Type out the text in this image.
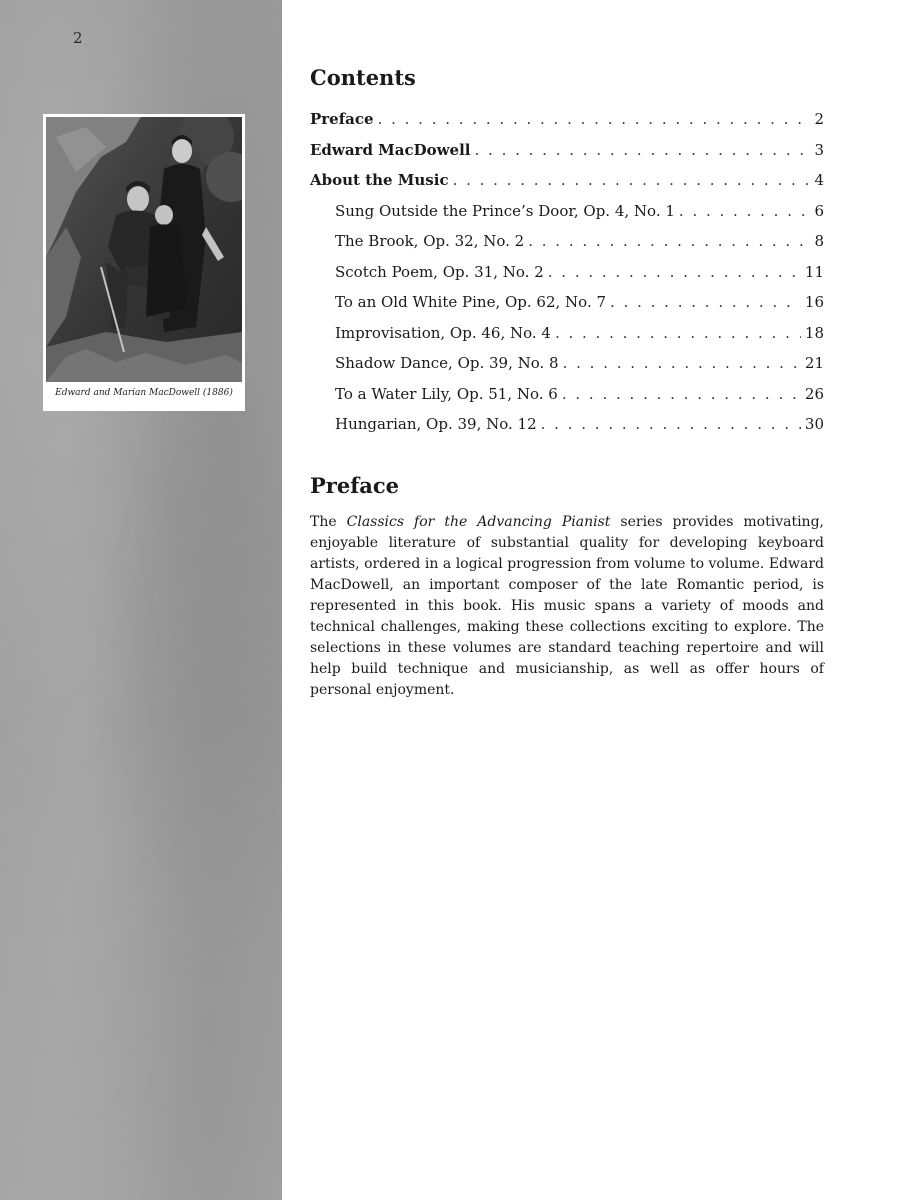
2
Edward and Marian MacDowell (1886)
Contents
Preface . . .	2
Edward MacDowell . . .	3
About the Music . . .	4
Sung Outside the Prince’s Door, Op. 4, No. 1 . . .	6
The Brook, Op. 32, No. 2 . . .	8
Scotch Poem, Op. 31, No. 2 . . .	11
To an Old White Pine, Op. 62, No. 7 . . .	16
Improvisation, Op. 46, No. 4 . . .	18
Shadow Dance, Op. 39, No. 8 . . .	21
To a Water Lily, Op. 51, No. 6 . . .	26
Hungarian, Op. 39, No. 12 . . .	30
Preface

The Classics for the Advancing Pianist series provides motivating, enjoyable literature of substantial quality for developing keyboard artists, ordered in a logical progression from volume to volume. Edward MacDowell, an important composer of the late Romantic period, is represented in this book. His music spans a variety of moods and technical challenges, making these collections exciting to explore. The selections in these volumes are standard teaching repertoire and will help build technique and musicianship, as well as offer hours of personal enjoyment.
